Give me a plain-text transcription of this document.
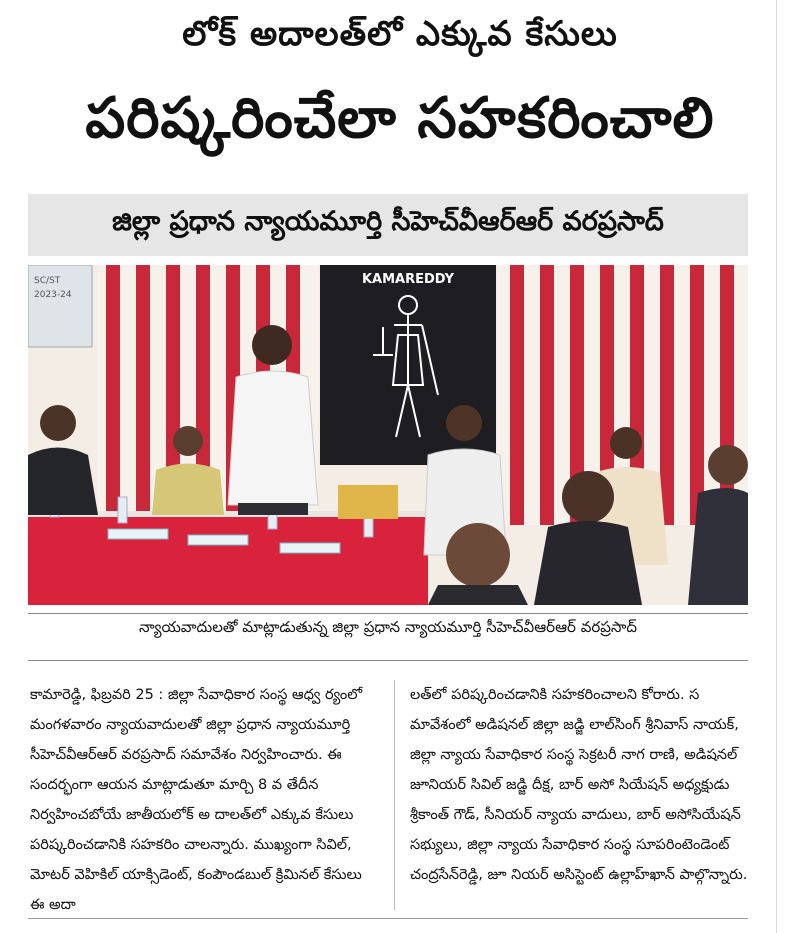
లోక్ అదాలత్‌లో ఎక్కువ కేసులు
పరిష్కరించేలా సహకరించాలి
జిల్లా ప్రధాన న్యాయమూర్తి సీహెచ్‌వీఆర్ఆర్ వరప్రసాద్
SC/ST
2023-24
KAMAREDDY
న్యాయవాదులతో మాట్లాడుతున్న జిల్లా ప్రధాన న్యాయమూర్తి సీహెచ్‌వీఆర్ఆర్ వరప్రసాద్
కామారెడ్డి, ఫిబ్రవరి 25 : జిల్లా సేవాధికార సంస్థ ఆధ్వ ర్యంలో మంగళవారం న్యాయవాదులతో జిల్లా ప్రధాన న్యాయమూర్తి సీహెచ్‌వీఆర్ఆర్ వరప్రసాద్ సమావేశం నిర్వహించారు. ఈ సందర్భంగా ఆయన మాట్లాడుతూ మార్చి 8 వ తేదీన నిర్వహించబోయే జాతీయలోక్ అ దాలత్‌లో ఎక్కువ కేసులు పరిష్కరించడానికి సహకరిం చాలన్నారు. ముఖ్యంగా సివిల్, మోటర్ వెహికిల్ యాక్సిడెంట్, కంపౌండబుల్ క్రిమినల్ కేసులు ఈ అదా
లత్‌లో పరిష్కరించడానికి సహకరించాలని కోరారు. స మావేశంలో అడిషనల్ జిల్లా జడ్జి లాల్‌సింగ్ శ్రీనివాస్ నాయక్, జిల్లా న్యాయ సేవాధికార సంస్థ సెక్రటరీ నాగ రాణి, అడిషనల్ జూనియర్ సివిల్ జడ్జి దీక్ష, బార్ అసో సియేషన్ అధ్యక్షుడు శ్రీకాంత్ గౌడ్, సీనియర్ న్యాయ వాదులు, బార్ అసోసియేషన్ సభ్యులు, జిల్లా న్యాయ సేవాధికార సంస్థ సూపరింటెండెంట్ చంద్రసేన్‌రెడ్డి, జూ నియర్ అసిస్టెంట్ ఉల్లాహ్‌ఖాన్ పాల్గొన్నారు.
